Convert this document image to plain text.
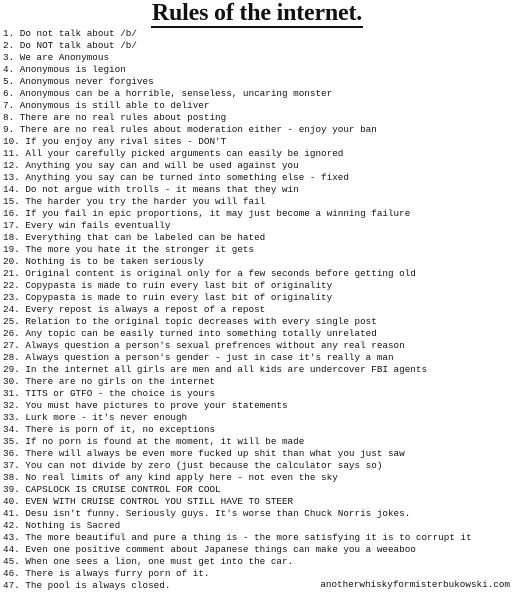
Rules of the internet.
1. Do not talk about /b/
2. Do NOT talk about /b/
3. We are Anonymous
4. Anonymous is legion
5. Anonymous never forgives
6. Anonymous can be a horrible, senseless, uncaring monster
7. Anonymous is still able to deliver
8. There are no real rules about posting
9. There are no real rules about moderation either - enjoy your ban
10. If you enjoy any rival sites - DON'T
11. All your carefully picked arguments can easily be ignored
12. Anything you say can and will be used against you
13. Anything you say can be turned into something else - fixed
14. Do not argue with trolls - it means that they win
15. The harder you try the harder you will fail
16. If you fail in epic proportions, it may just become a winning failure
17. Every win fails eventually
18. Everything that can be labeled can be hated
19. The more you hate it the stronger it gets
20. Nothing is to be taken seriously
21. Original content is original only for a few seconds before getting old
22. Copypasta is made to ruin every last bit of originality
23. Copypasta is made to ruin every last bit of originality
24. Every repost is always a repost of a repost
25. Relation to the original topic decreases with every single post
26. Any topic can be easily turned into something totally unrelated
27. Always question a person's sexual prefrences without any real reason
28. Always question a person's gender - just in case it's really a man
29. In the internet all girls are men and all kids are undercover FBI agents
30. There are no girls on the internet
31. TITS or GTFO - the choice is yours
32. You must have pictures to prove your statements
33. Lurk more - it's never enough
34. There is porn of it, no exceptions
35. If no porn is found at the moment, it will be made
36. There will always be even more fucked up shit than what you just saw
37. You can not divide by zero (just because the calculator says so)
38. No real limits of any kind apply here - not even the sky
39. CAPSLOCK IS CRUISE CONTROL FOR COOL
40. EVEN WITH CRUISE CONTROL YOU STILL HAVE TO STEER
41. Desu isn't funny. Seriously guys. It's worse than Chuck Norris jokes.
42. Nothing is Sacred
43. The more beautiful and pure a thing is - the more satisfying it is to corrupt it
44. Even one positive comment about Japanese things can make you a weeaboo
45. When one sees a lion, one must get into the car.
46. There is always furry porn of it.
47. The pool is always closed.	anotherwhiskyformisterbukowski.com
